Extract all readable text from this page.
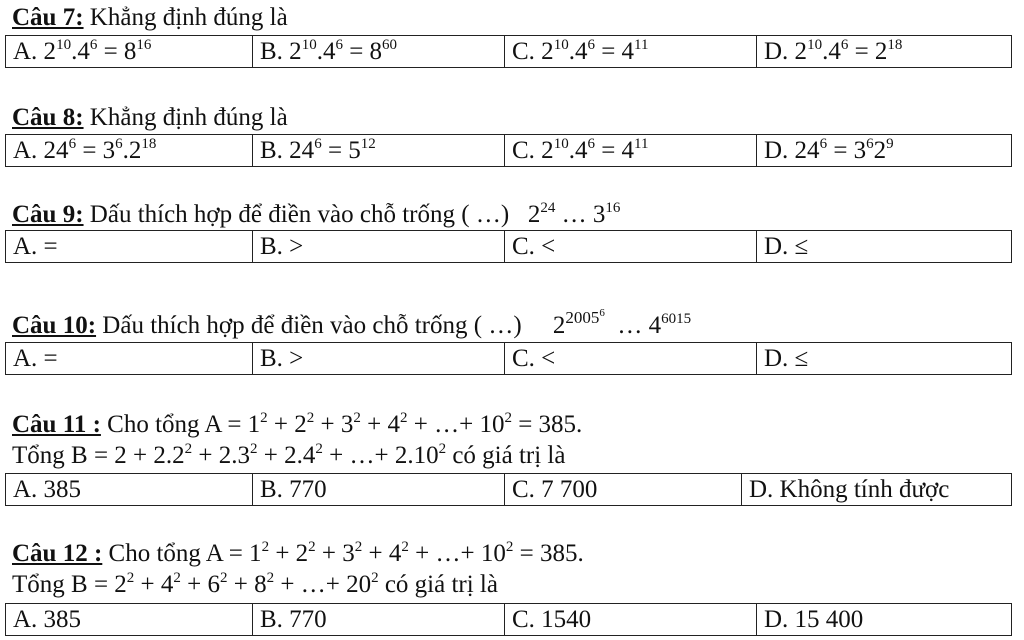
Câu 7: Khẳng định đúng là
A. $2^{10}.4^6 = 8^{16}$	B. $2^{10}.4^6 = 8^{60}$	C. $2^{10}.4^6 = 4^{11}$	D. $2^{10}.4^6 = 2^{18}$
Câu 8: Khẳng định đúng là
A. $24^6 = 3^6.2^{18}$	B. $24^6 = 5^{12}$	C. $2^{10}.4^6 = 4^{11}$	D. $24^6 = 3^62^9$
Câu 9: Dấu thích hợp để điền vào chỗ trống ( …)   $2^{24}$ … $3^{16}$
A. =	B. >	C. <	D. ≤
Câu 10: Dấu thích hợp để điền vào chỗ trống ( …)     $2^{2005^6}$  … $4^{6015}$
A. =	B. >	C. <	D. ≤
Câu 11 : Cho tổng $A = 1^2 + 2^2 + 3^2 + 4^2$ + …+ $10^2 = 385$.
Tổng $B = 2 + 2.2^2 + 2.3^2 + 2.4^2$ + …+ $2.10^2$ có giá trị là
A. 385	B. 770	C. 7 700	D. Không tính được
Câu 12 : Cho tổng $A = 1^2 + 2^2 + 3^2 + 4^2$ + …+ $10^2 = 385$.
Tổng $B = 2^2 + 4^2 + 6^2 + 8^2$ + …+ $20^2$ có giá trị là
A. 385	B. 770	C. 1540	D. 15 400
